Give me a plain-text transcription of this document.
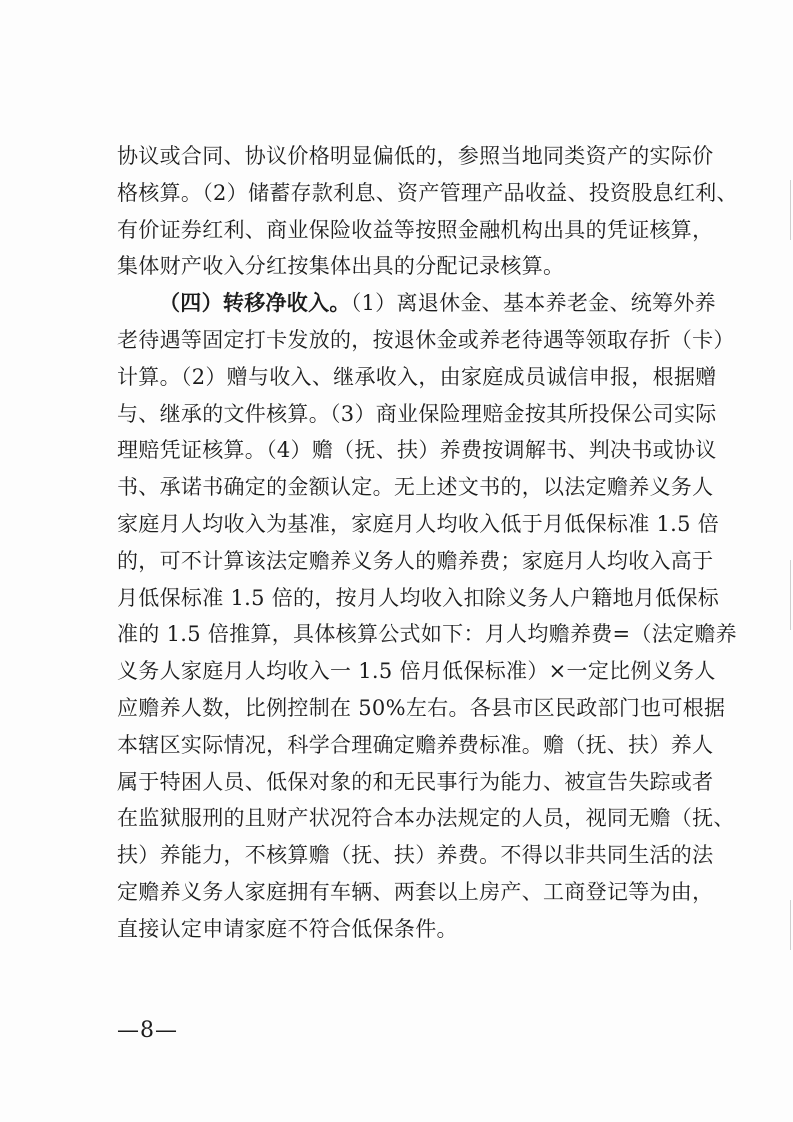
协议或合同、协议价格明显偏低的，参照当地同类资产的实际价
格核算。（2）储蓄存款利息、资产管理产品收益、投资股息红利、
有价证券红利、商业保险收益等按照金融机构出具的凭证核算，
集体财产收入分红按集体出具的分配记录核算。
（四）转移净收入。（1）离退休金、基本养老金、统筹外养
老待遇等固定打卡发放的，按退休金或养老待遇等领取存折（卡）
计算。（2）赠与收入、继承收入，由家庭成员诚信申报，根据赠
与、继承的文件核算。（3）商业保险理赔金按其所投保公司实际
理赔凭证核算。（4）赡（抚、扶）养费按调解书、判决书或协议
书、承诺书确定的金额认定。无上述文书的，以法定赡养义务人
家庭月人均收入为基准，家庭月人均收入低于月低保标准 1.5 倍
的，可不计算该法定赡养义务人的赡养费；家庭月人均收入高于
月低保标准 1.5 倍的，按月人均收入扣除义务人户籍地月低保标
准的 1.5 倍推算，具体核算公式如下：月人均赡养费=（法定赡养
义务人家庭月人均收入一 1.5 倍月低保标准）×一定比例义务人
应赡养人数，比例控制在 50%左右。各县市区民政部门也可根据
本辖区实际情况，科学合理确定赡养费标准。赡（抚、扶）养人
属于特困人员、低保对象的和无民事行为能力、被宣告失踪或者
在监狱服刑的且财产状况符合本办法规定的人员，视同无赡（抚、
扶）养能力，不核算赡（抚、扶）养费。不得以非共同生活的法
定赡养义务人家庭拥有车辆、两套以上房产、工商登记等为由，
直接认定申请家庭不符合低保条件。
—8—
